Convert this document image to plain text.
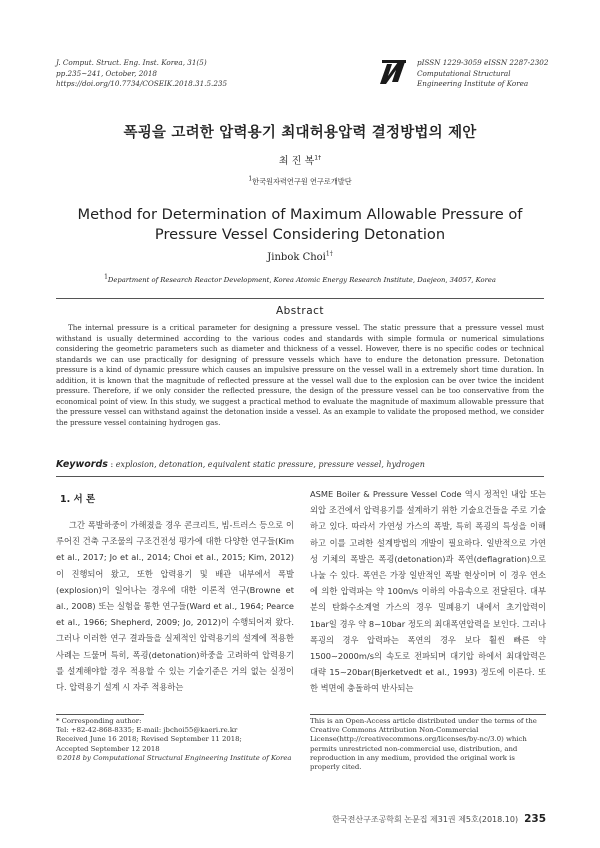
J. Comput. Struct. Eng. Inst. Korea, 31(5)
pp.235~241, October, 2018
https://doi.org/10.7734/COSEIK.2018.31.5.235
pISSN 1229-3059 eISSN 2287-2302
Computational Structural
Engineering Institute of Korea
폭굉을 고려한 압력용기 최대허용압력 결정방법의 제안
최 진 복$^{1\dagger}$
$^1$한국원자력연구원 연구로개발단
Method for Determination of Maximum Allowable Pressure of
Pressure Vessel Considering Detonation
Jinbok Choi$^{1\dagger}$
$^1$Department of Research Reactor Development, Korea Atomic Energy Research Institute, Daejeon, 34057, Korea
Abstract
The internal pressure is a critical parameter for designing a pressure vessel. The static pressure that a pressure vessel must withstand is usually determined according to the various codes and standards with simple formula or numerical simulations considering the geometric parameters such as diameter and thickness of a vessel. However, there is no specific codes or technical standards we can use practically for designing of pressure vessels which have to endure the detonation pressure. Detonation pressure is a kind of dynamic pressure which causes an impulsive pressure on the vessel wall in a extremely short time duration. In addition, it is known that the magnitude of reflected pressure at the vessel wall due to the explosion can be over twice the incident pressure. Therefore, if we only consider the reflected pressure, the design of the pressure vessel can be too conservative from the economical point of view. In this study, we suggest a practical method to evaluate the magnitude of maximum allowable pressure that the pressure vessel can withstand against the detonation inside a vessel. As an example to validate the proposed method, we consider the pressure vessel containing hydrogen gas.
Keywords : explosion, detonation, equivalent static pressure, pressure vessel, hydrogen
1. 서 론

그간 폭발하중이 가해졌을 경우 콘크리트, 빔-트러스 등으로 이루어진 건축 구조물의 구조건전성 평가에 대한 다양한 연구들(Kim et al., 2017; Jo et al., 2014; Choi et al., 2015; Kim, 2012)이 진행되어 왔고, 또한 압력용기 및 배관 내부에서 폭발(explosion)이 일어나는 경우에 대한 이론적 연구(Browne et al., 2008) 또는 실험을 통한 연구들(Ward et al., 1964; Pearce et al., 1966; Shepherd, 2009; Jo, 2012)이 수행되어져 왔다. 그러나 이러한 연구 결과들을 실제적인 압력용기의 설계에 적용한 사례는 드물며 특히, 폭굉(detonation)하중을 고려하여 압력용기를 설계해야할 경우 적용할 수 있는 기술기준은 거의 없는 실정이다. 압력용기 설계 시 자주 적용하는

ASME Boiler & Pressure Vessel Code 역시 정적인 내압 또는 외압 조건에서 압력용기를 설계하기 위한 기술요건들을 주로 기술하고 있다. 따라서 가연성 가스의 폭발, 특히 폭굉의 특성을 이해하고 이를 고려한 설계방법의 개발이 필요하다. 일반적으로 가연성 기체의 폭발은 폭굉(detonation)과 폭연(deflagration)으로 나눌 수 있다. 폭연은 가장 일반적인 폭발 현상이며 이 경우 연소에 의한 압력파는 약 100m/s 이하의 아음속으로 전달된다. 대부분의 탄화수소계열 가스의 경우 밀폐용기 내에서 초기압력이 1bar일 경우 약 8~10bar 정도의 최대폭연압력을 보인다. 그러나 폭굉의 경우 압력파는 폭연의 경우 보다 훨씬 빠른 약 1500~2000m/s의 속도로 전파되며 대기압 하에서 최대압력은 대략 15~20bar(Bjerketvedt et al., 1993) 정도에 이른다. 또한 벽면에 충돌하여 반사되는

* Corresponding author:
Tel: +82-42-868-8335; E-mail: jbchoi55@kaeri.re.kr
Received June 16 2018; Revised September 11 2018;
Accepted September 12 2018
©2018 by Computational Structural Engineering Institute of Korea
This is an Open-Access article distributed under the terms of the Creative Commons Attribution Non-Commercial License(http://creativecommons.org/licenses/by-nc/3.0) which permits unrestricted non-commercial use, distribution, and reproduction in any medium, provided the original work is properly cited.
한국전산구조공학회 논문집 제31권 제5호(2018.10) 235
